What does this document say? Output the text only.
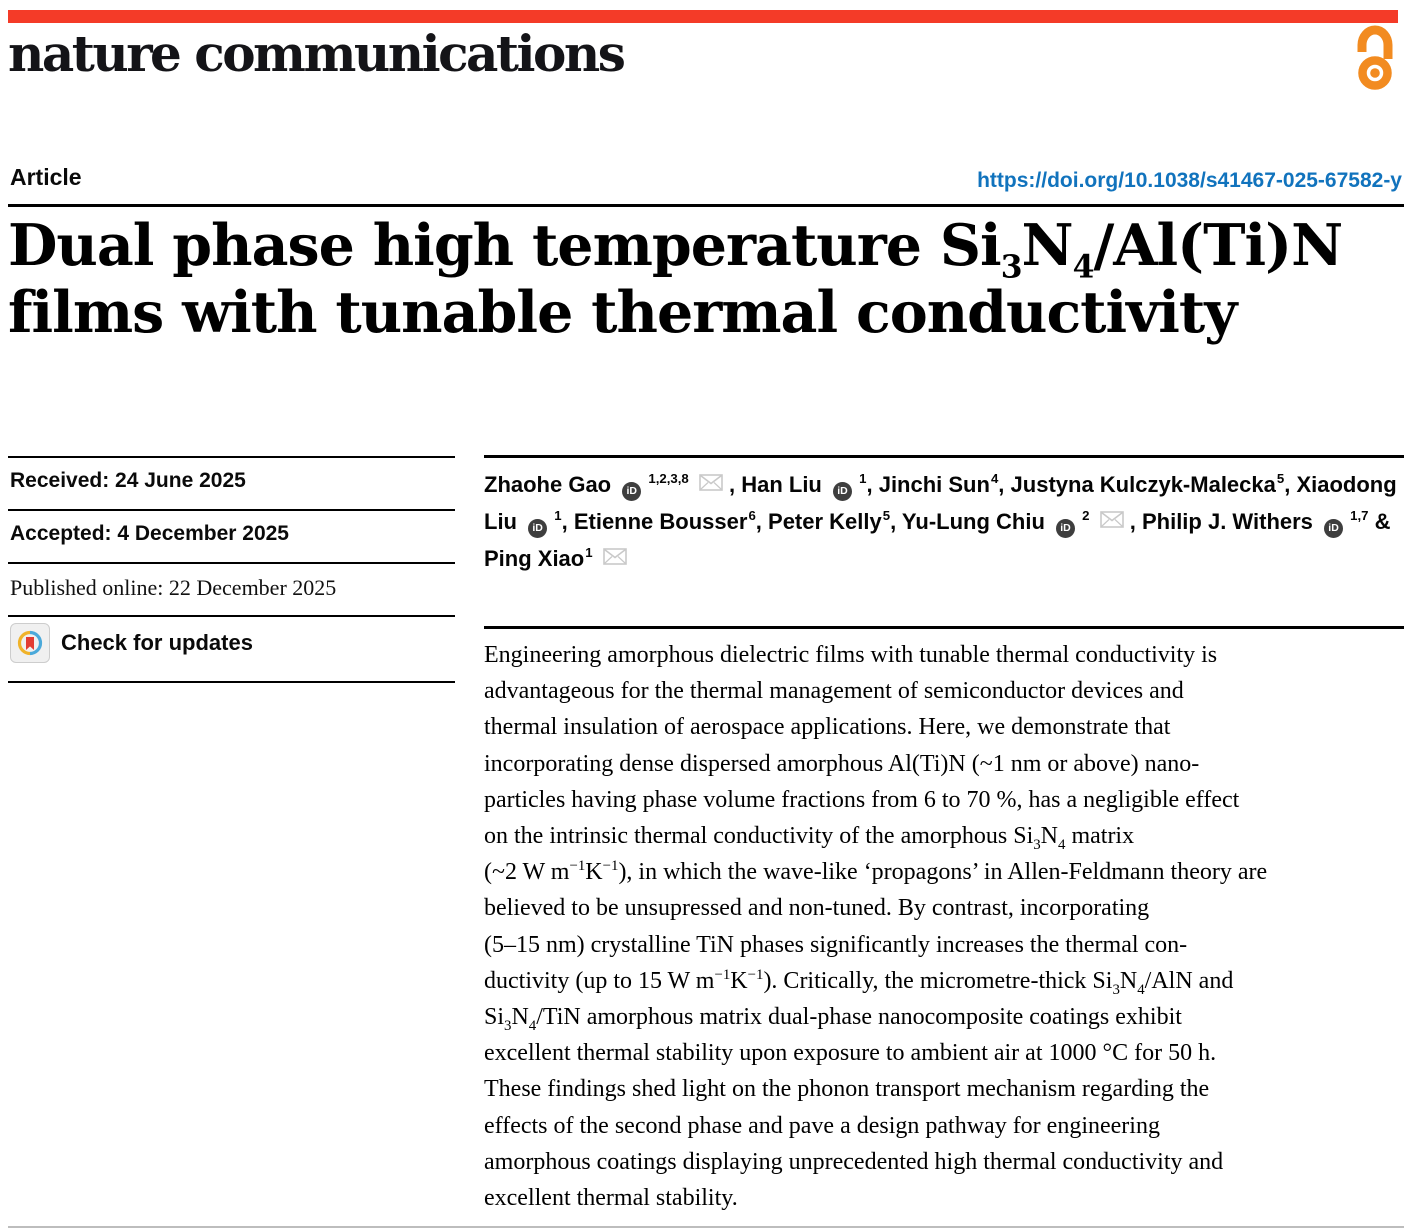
nature communications
Article	https://doi.org/10.1038/s41467-025-67582-y
Dual phase high temperature $Si_3N_4/Al(Ti)N$
films with tunable thermal conductivity
Received: 24 June 2025
Accepted: 4 December 2025
Published online: 22 December 2025
Check for updates
Zhaohe Gao iD $^{1,2,3,8}$ , Han Liu iD $^1$, Jinchi Sun$^4$, Justyna Kulczyk-Malecka$^5$, Xiaodong Liu iD $^1$, Etienne Bousser$^6$, Peter Kelly$^5$, Yu-Lung Chiu iD $^2$ , Philip J. Withers iD $^{1,7}$ & Ping Xiao$^1$
Engineering amorphous dielectric films with tunable thermal conductivity is
advantageous for the thermal management of semiconductor devices and
thermal insulation of aerospace applications. Here, we demonstrate that
incorporating dense dispersed amorphous Al(Ti)N (~1 nm or above) nano-
particles having phase volume fractions from 6 to 70 %, has a negligible effect
on the intrinsic thermal conductivity of the amorphous $Si_3N_4$ matrix
(~2 W $m^{-1}K^{-1}$), in which the wave-like ‘propagons’ in Allen-Feldmann theory are
believed to be unsupressed and non-tuned. By contrast, incorporating
(5–15 nm) crystalline TiN phases significantly increases the thermal con-
ductivity (up to 15 W $m^{-1}K^{-1}$). Critically, the micrometre-thick $Si_3N_4$/AlN and
$Si_3N_4$/TiN amorphous matrix dual-phase nanocomposite coatings exhibit
excellent thermal stability upon exposure to ambient air at 1000 °C for 50 h.
These findings shed light on the phonon transport mechanism regarding the
effects of the second phase and pave a design pathway for engineering
amorphous coatings displaying unprecedented high thermal conductivity and
excellent thermal stability.
